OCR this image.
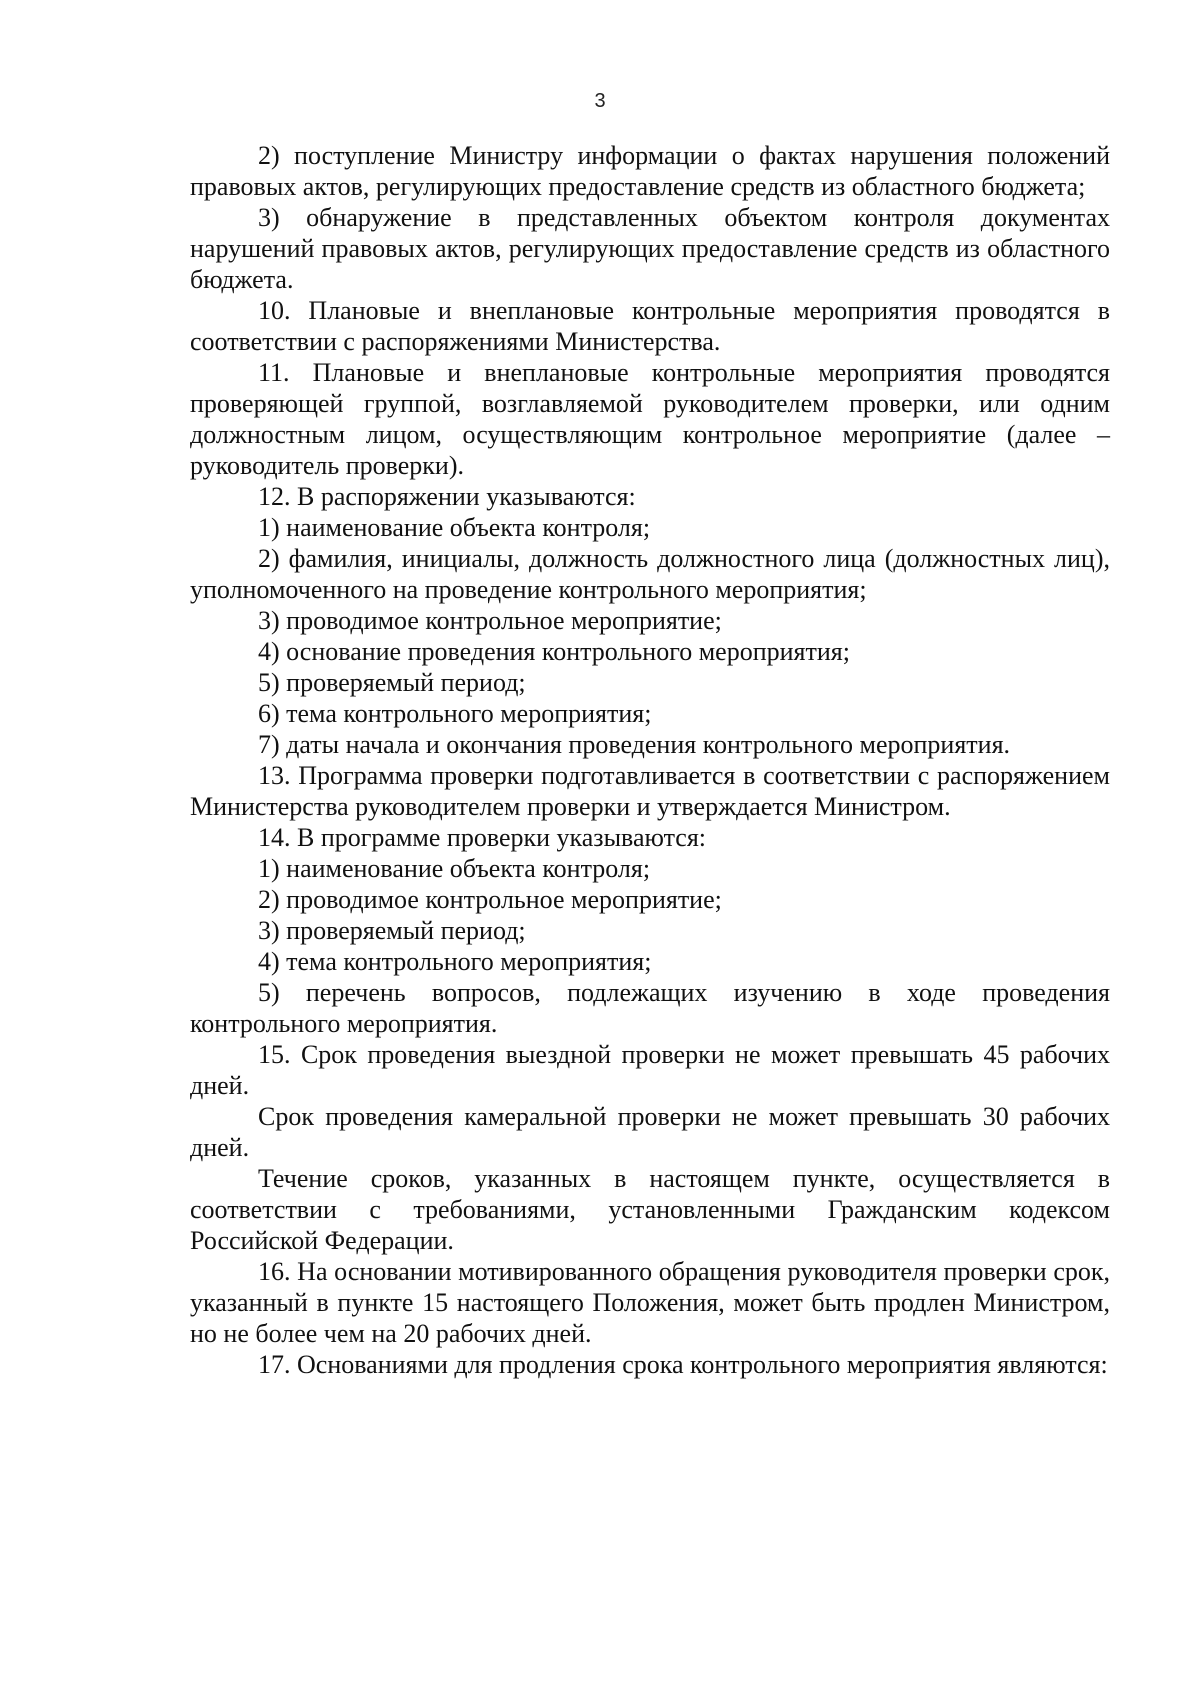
3

2) поступление Министру информации о фактах нарушения положений правовых актов, регулирующих предоставление средств из областного бюджета;

3) обнаружение в представленных объектом контроля документах нарушений правовых актов, регулирующих предоставление средств из областного бюджета.

10. Плановые и внеплановые контрольные мероприятия проводятся в соответствии с распоряжениями Министерства.

11. Плановые и внеплановые контрольные мероприятия проводятся проверяющей группой, возглавляемой руководителем проверки, или одним должностным лицом, осуществляющим контрольное мероприятие (далее – руководитель проверки).

12. В распоряжении указываются:

1) наименование объекта контроля;

2) фамилия, инициалы, должность должностного лица (должностных лиц), уполномоченного на проведение контрольного мероприятия;

3) проводимое контрольное мероприятие;

4) основание проведения контрольного мероприятия;

5) проверяемый период;

6) тема контрольного мероприятия;

7) даты начала и окончания проведения контрольного мероприятия.

13. Программа проверки подготавливается в соответствии с распоряжением Министерства руководителем проверки и утверждается Министром.

14. В программе проверки указываются:

1) наименование объекта контроля;

2) проводимое контрольное мероприятие;

3) проверяемый период;

4) тема контрольного мероприятия;

5) перечень вопросов, подлежащих изучению в ходе проведения контрольного мероприятия.

15. Срок проведения выездной проверки не может превышать 45 рабочих дней.

Срок проведения камеральной проверки не может превышать 30 рабочих дней.

Течение сроков, указанных в настоящем пункте, осуществляется в соответствии с требованиями, установленными Гражданским кодексом Российской Федерации.

16. На основании мотивированного обращения руководителя проверки срок, указанный в пункте 15 настоящего Положения, может быть продлен Министром, но не более чем на 20 рабочих дней.

17. Основаниями для продления срока контрольного мероприятия являются:
